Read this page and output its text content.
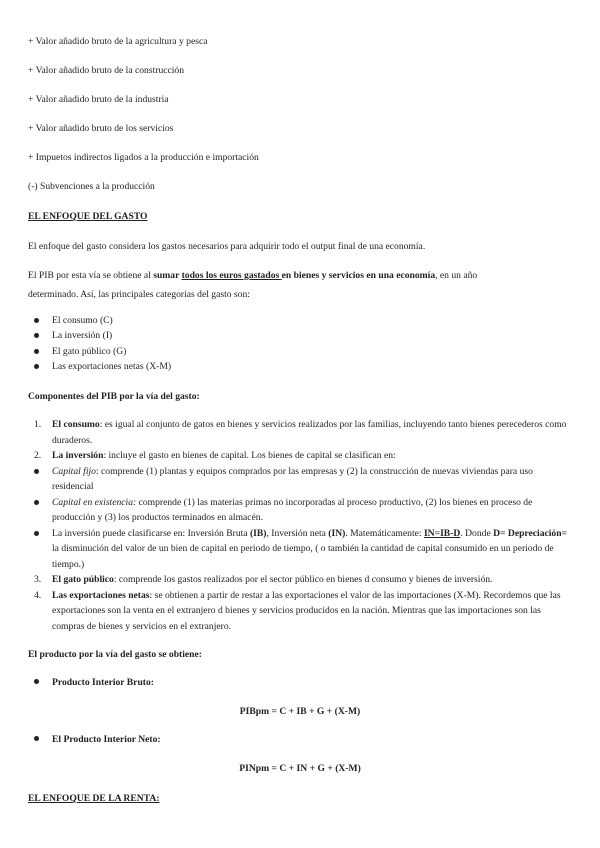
+ Valor añadido bruto de la agricultura y pesca
+ Valor añadido bruto de la construcción
+ Valor añadido bruto de la industria
+ Valor añadido bruto de los servicios
+ Impuetos indirectos ligados a la producción e importación
(-) Subvenciones a la producción
EL ENFOQUE DEL GASTO
El enfoque del gasto considera los gastos necesarios para adquirir todo el output final de una economía.
El PIB por esta vía se obtiene al sumar todos los euros gastados en bienes y servicios en una economía, en un año
determinado. Así, las principales categorías del gasto son:
El consumo (C)
La inversión (I)
El gato público (G)
Las exportaciones netas (X-M)
Componentes del PIB por la vía del gasto:
1. El consumo: es igual al conjunto de gatos en bienes y servicios realizados por las familias, incluyendo tanto bienes perecederos como duraderos.
2. La inversión: incluye el gasto en bienes de capital. Los bienes de capital se clasifican en:
Capital fijo: comprende (1) plantas y equipos comprados por las empresas y (2) la construcción de nuevas viviendas para uso residencial
Capital en existencia: comprende (1) las materias primas no incorporadas al proceso productivo, (2) los bienes en proceso de producción y (3) los productos terminados en almacén.
La inversión puede clasificarse en: Inversión Bruta (IB), Inversión neta (IN). Matemáticamente: IN=IB-D. Donde D= Depreciación= la disminución del valor de un bien de capital en periodo de tiempo, ( o también la cantidad de capital consumido en un periodo de tiempo.)
3. El gato público: comprende los gastos realizados por el sector público en bienes d consumo y bienes de inversión.
4. Las exportaciones netas: se obtienen a partir de restar a las exportaciones el valor de las importaciones (X-M). Recordemos que las exportaciones son la venta en el extranjero d bienes y servicios producidos en la nación. Mientras que las importaciones son las compras de bienes y servicios en el extranjero.
El producto por la vía del gasto se obtiene:
Producto Interior Bruto:
PIBpm = C + IB + G + (X-M)
El Producto Interior Neto:
PINpm = C + IN + G + (X-M)
EL ENFOQUE DE LA RENTA:
